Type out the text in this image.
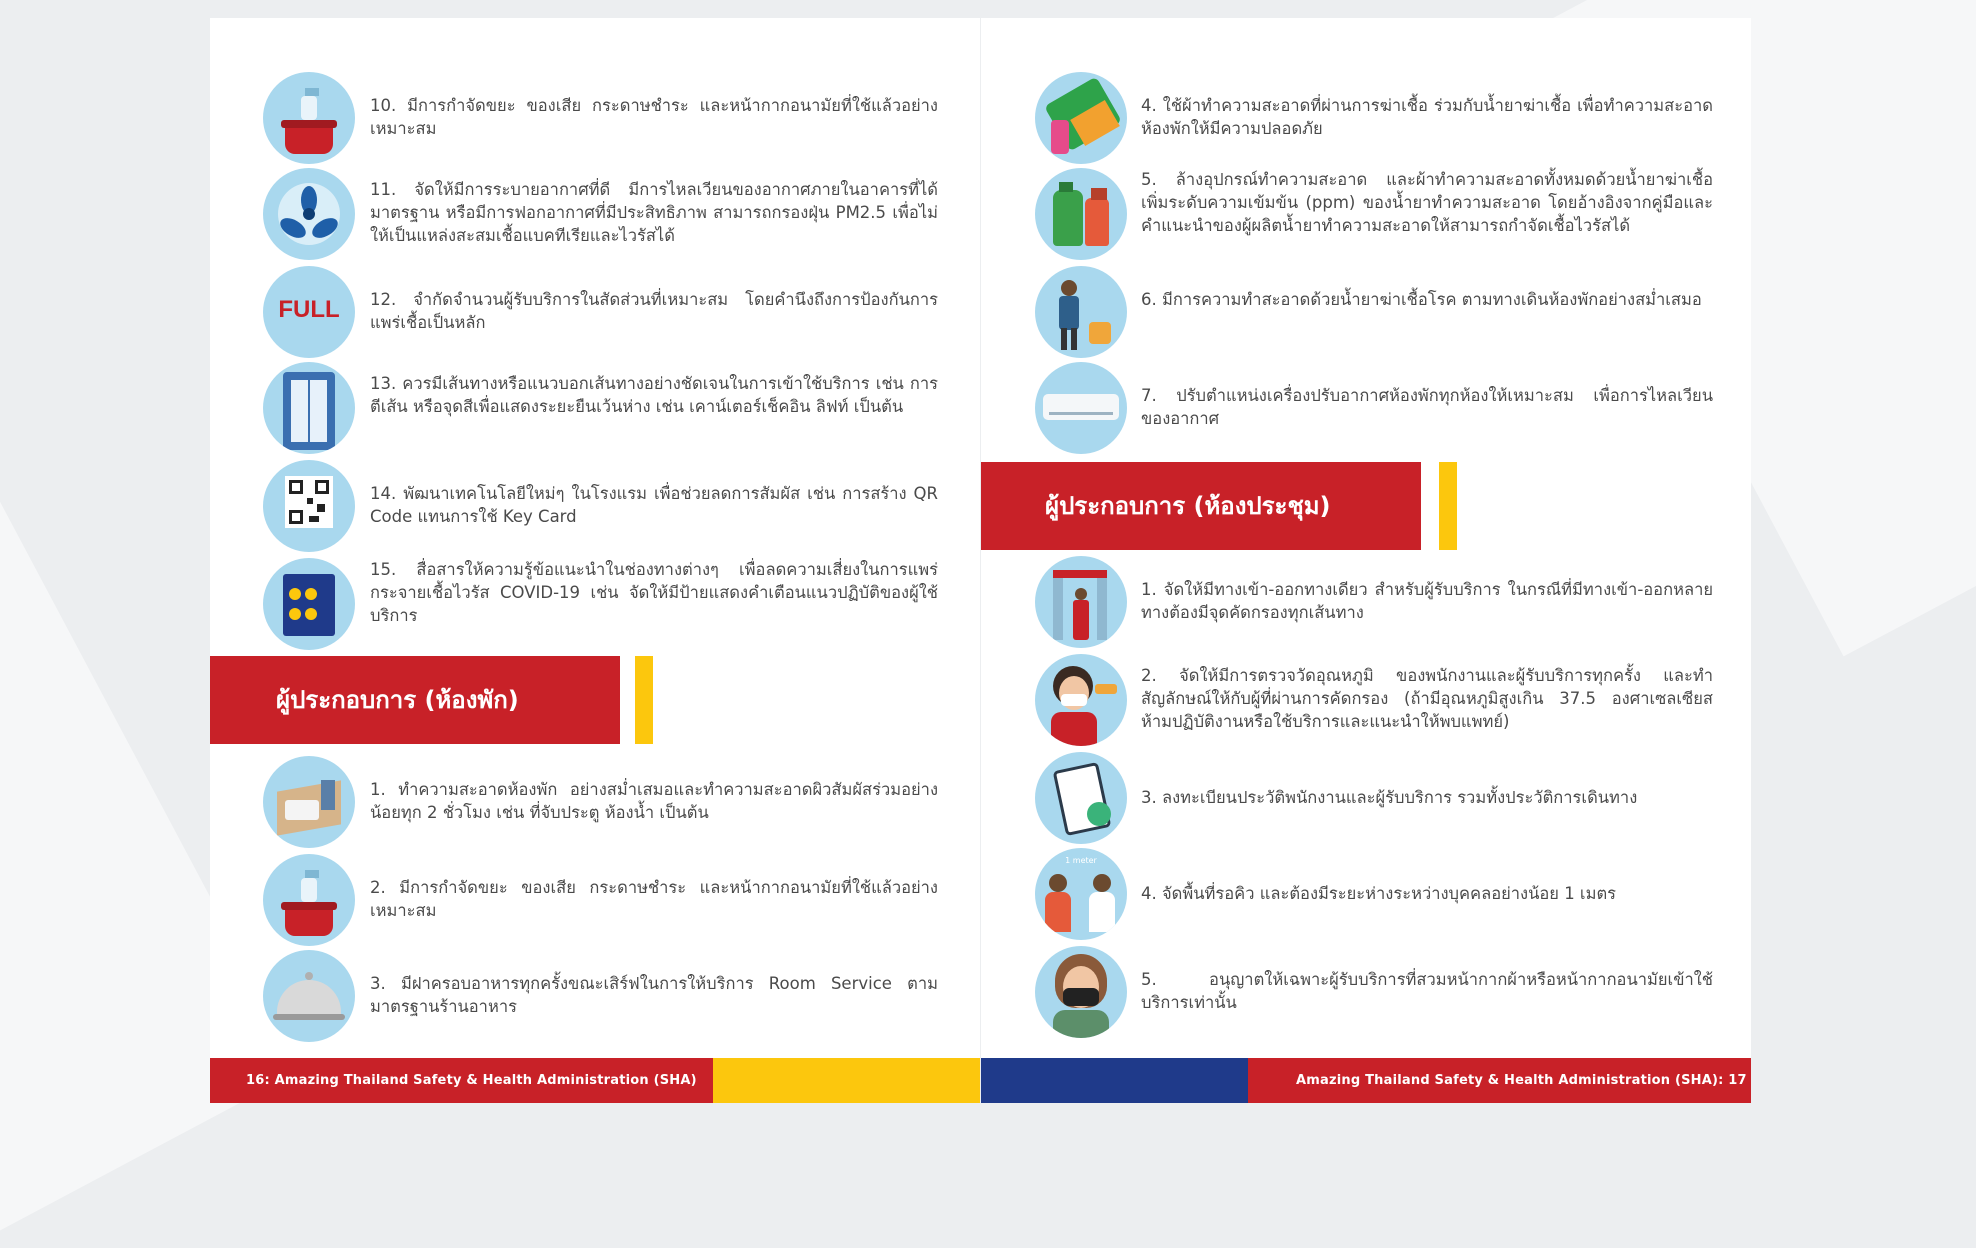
10. มีการกำจัดขยะ ของเสีย กระดาษชำระ และหน้ากากอนามัยที่ใช้แล้วอย่างเหมาะสม
11. จัดให้มีการระบายอากาศที่ดี มีการไหลเวียนของอากาศภายในอาคารที่ได้มาตรฐาน หรือมีการฟอกอากาศที่มีประสิทธิภาพ สามารถกรองฝุ่น PM2.5 เพื่อไม่ให้เป็นแหล่งสะสมเชื้อแบคทีเรียและไวรัสได้
FULL	12. จำกัดจำนวนผู้รับบริการในสัดส่วนที่เหมาะสม โดยคำนึงถึงการป้องกันการแพร่เชื้อเป็นหลัก
13. ควรมีเส้นทางหรือแนวบอกเส้นทางอย่างชัดเจนในการเข้าใช้บริการ เช่น การตีเส้น หรือจุดสีเพื่อแสดงระยะยืนเว้นห่าง เช่น เคาน์เตอร์เช็คอิน ลิฟท์ เป็นต้น
14. พัฒนาเทคโนโลยีใหม่ๆ ในโรงแรม เพื่อช่วยลดการสัมผัส เช่น การสร้าง QR Code แทนการใช้ Key Card
15. สื่อสารให้ความรู้ข้อแนะนำในช่องทางต่างๆ เพื่อลดความเสี่ยงในการแพร่กระจายเชื้อไวรัส COVID-19 เช่น จัดให้มีป้ายแสดงคำเตือนแนวปฏิบัติของผู้ใช้บริการ
ผู้ประกอบการ (ห้องพัก)
1. ทำความสะอาดห้องพัก อย่างสม่ำเสมอและทำความสะอาดผิวสัมผัสร่วมอย่างน้อยทุก 2 ชั่วโมง เช่น ที่จับประตู ห้องน้ำ เป็นต้น
2. มีการกำจัดขยะ ของเสีย กระดาษชำระ และหน้ากากอนามัยที่ใช้แล้วอย่างเหมาะสม
3. มีฝาครอบอาหารทุกครั้งขณะเสิร์ฟในการให้บริการ Room Service ตามมาตรฐานร้านอาหาร
16: Amazing Thailand Safety & Health Administration (SHA)
4. ใช้ผ้าทำความสะอาดที่ผ่านการฆ่าเชื้อ ร่วมกับน้ำยาฆ่าเชื้อ เพื่อทำความสะอาดห้องพักให้มีความปลอดภัย
5. ล้างอุปกรณ์ทำความสะอาด และผ้าทำความสะอาดทั้งหมดด้วยน้ำยาฆ่าเชื้อ เพิ่มระดับความเข้มข้น (ppm) ของน้ำยาทำความสะอาด โดยอ้างอิงจากคู่มือและคำแนะนำของผู้ผลิตน้ำยาทำความสะอาดให้สามารถกำจัดเชื้อไวรัสได้
6. มีการความทำสะอาดด้วยน้ำยาฆ่าเชื้อโรค ตามทางเดินห้องพักอย่างสม่ำเสมอ
7. ปรับตำแหน่งเครื่องปรับอากาศห้องพักทุกห้องให้เหมาะสม เพื่อการไหลเวียนของอากาศ
ผู้ประกอบการ (ห้องประชุม)
1. จัดให้มีทางเข้า-ออกทางเดียว สำหรับผู้รับบริการ ในกรณีที่มีทางเข้า-ออกหลายทางต้องมีจุดคัดกรองทุกเส้นทาง
2. จัดให้มีการตรวจวัดอุณหภูมิ ของพนักงานและผู้รับบริการทุกครั้ง และทำสัญลักษณ์ให้กับผู้ที่ผ่านการคัดกรอง (ถ้ามีอุณหภูมิสูงเกิน 37.5 องศาเซลเซียส ห้ามปฏิบัติงานหรือใช้บริการและแนะนำให้พบแพทย์)
3. ลงทะเบียนประวัติพนักงานและผู้รับบริการ รวมทั้งประวัติการเดินทาง
1 meter
4. จัดพื้นที่รอคิว และต้องมีระยะห่างระหว่างบุคคลอย่างน้อย 1 เมตร
5. อนุญาตให้เฉพาะผู้รับบริการที่สวมหน้ากากผ้าหรือหน้ากากอนามัยเข้าใช้บริการเท่านั้น
Amazing Thailand Safety & Health Administration (SHA): 17
